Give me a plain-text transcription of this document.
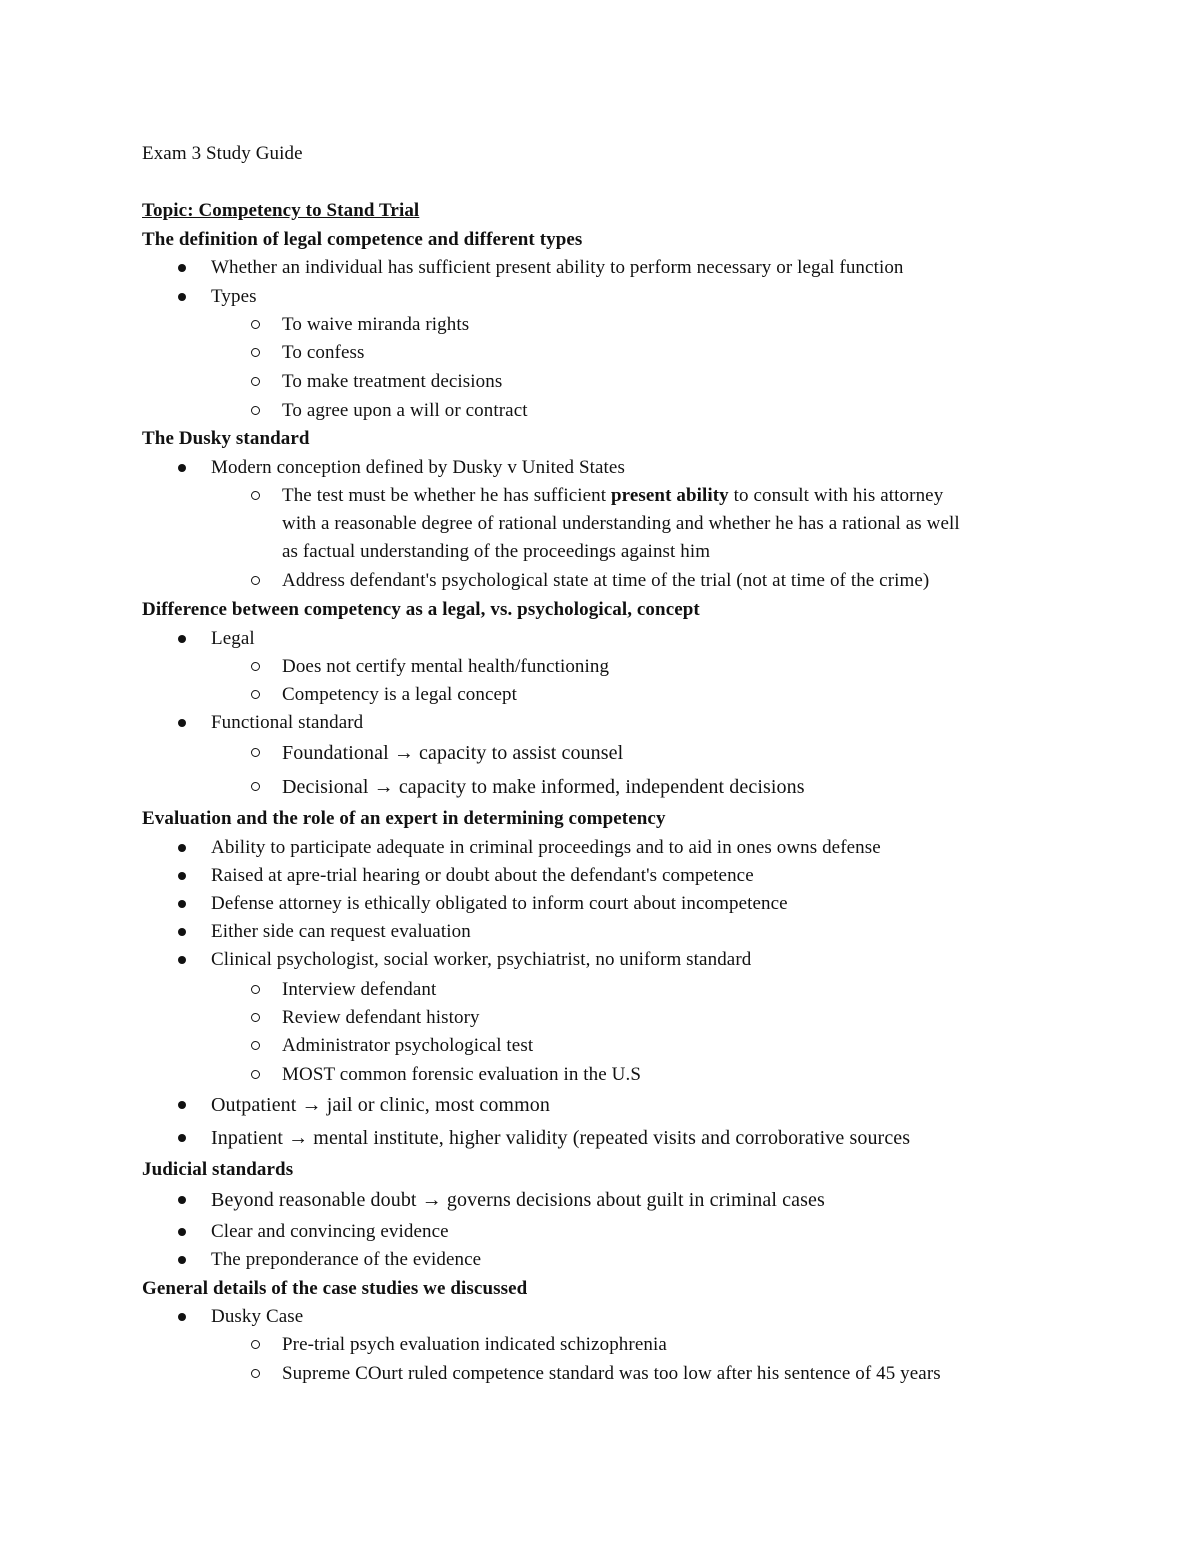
Exam 3 Study Guide
Topic: Competency to Stand Trial
The definition of legal competence and different types
Whether an individual has sufficient present ability to perform necessary or legal function
Types
To waive miranda rights
To confess
To make treatment decisions
To agree upon a will or contract
The Dusky standard
Modern conception defined by Dusky v United States
The test must be whether he has sufficient present ability to consult with his attorney
with a reasonable degree of rational understanding and whether he has a rational as well
as factual understanding of the proceedings against him
Address defendant's psychological state at time of the trial (not at time of the crime)
Difference between competency as a legal, vs. psychological, concept
Legal
Does not certify mental health/functioning
Competency is a legal concept
Functional standard
Foundational → capacity to assist counsel
Decisional → capacity to make informed, independent decisions
Evaluation and the role of an expert in determining competency
Ability to participate adequate in criminal proceedings and to aid in ones owns defense
Raised at apre-trial hearing or doubt about the defendant's competence
Defense attorney is ethically obligated to inform court about incompetence
Either side can request evaluation
Clinical psychologist, social worker, psychiatrist, no uniform standard
Interview defendant
Review defendant history
Administrator psychological test
MOST common forensic evaluation in the U.S
Outpatient → jail or clinic, most common
Inpatient → mental institute, higher validity (repeated visits and corroborative sources
Judicial standards
Beyond reasonable doubt → governs decisions about guilt in criminal cases
Clear and convincing evidence
The preponderance of the evidence
General details of the case studies we discussed
Dusky Case
Pre-trial psych evaluation indicated schizophrenia
Supreme COurt ruled competence standard was too low after his sentence of 45 years
